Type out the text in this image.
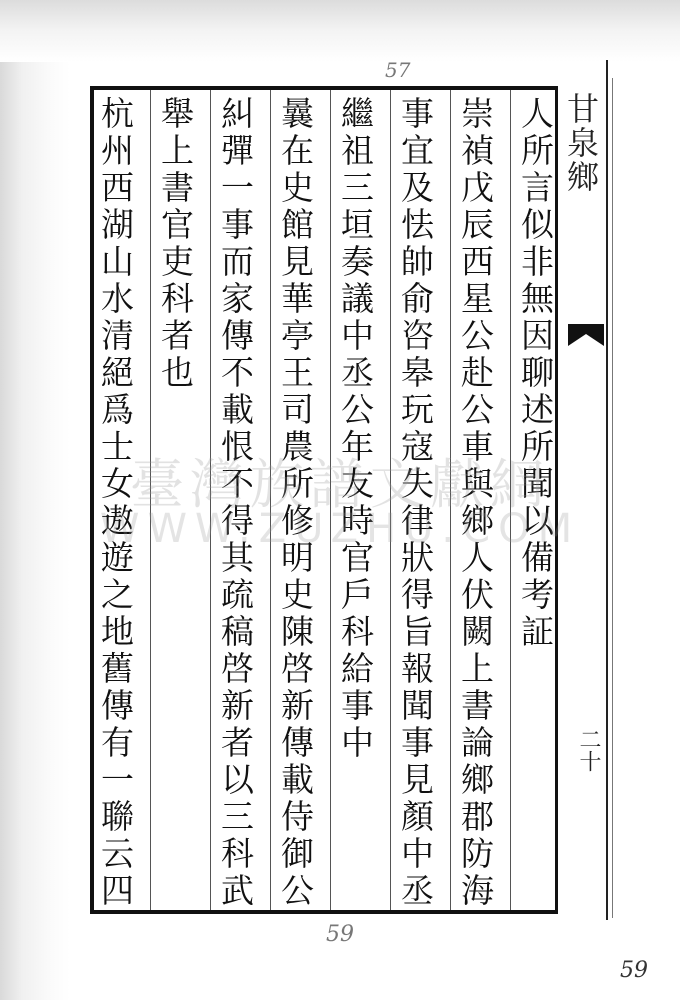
57
人所言似非無因聊述所聞以備考証
崇禎戊辰西星公赴公車與鄉人伏闕上書論鄉郡防海
事宜及怯帥俞咨皋玩寇失律狀得旨報聞事見顏中丞
繼祖三垣奏議中丞公年友時官戶科給事中
曩在史館見華亭王司農所修明史陳啓新傳載侍御公
糾彈一事而家傳不載恨不得其疏稿啓新者以三科武
舉上書官吏科者也
杭州西湖山水清絕爲士女遨遊之地舊傳有一聯云四	甘泉鄉
二十
臺灣族譜文獻網
WWW.ZUZHU.COM
59
59
